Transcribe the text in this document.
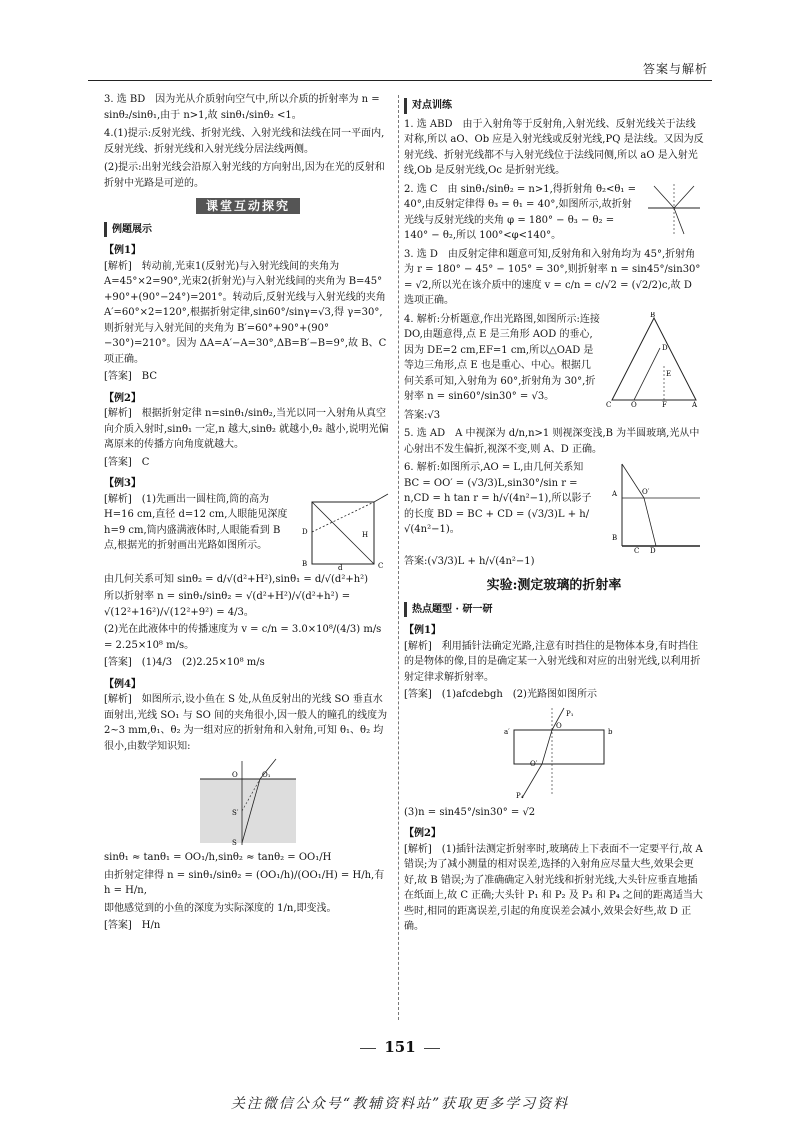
答案与解析

3. 选 BD　因为光从介质射向空气中,所以介质的折射率为 n = sinθ₂/sinθ₁,由于 n>1,故 sinθ₁/sinθ₂ <1。

4.(1)提示:反射光线、折射光线、入射光线和法线在同一平面内,反射光线、折射光线和入射光线分居法线两侧。

(2)提示:出射光线会沿原入射光线的方向射出,因为在光的反射和折射中光路是可逆的。

课堂互动探究
例题展示
【例1】

[解析]　转动前,光束1(反射光)与入射光线间的夹角为 A=45°×2=90°,光束2(折射光)与入射光线间的夹角为 B=45°+90°+(90°−24°)=201°。转动后,反射光线与入射光线的夹角 A′=60°×2=120°,根据折射定律,sin60°/sinγ=√3,得 γ=30°,则折射光与入射光间的夹角为 B′=60°+90°+(90°−30°)=210°。因为 ΔA=A′−A=30°,ΔB=B′−B=9°,故 B、C 项正确。

[答案]　BC

【例2】

[解析]　根据折射定律 n=sinθ₁/sinθ₂,当光以同一入射角从真空向介质入射时,sinθ₁ 一定,n 越大,sinθ₂ 就越小,θ₂ 越小,说明光偏离原来的传播方向角度就越大。

[答案]　C

【例3】

[解析]　(1)先画出一圆柱筒,筒的高为 H=16 cm,直径 d=12 cm,人眼能见深度 h=9 cm,筒内盛满液体时,人眼能看到 B 点,根据光的折射画出光路如图所示。

D
B	C
d
H

由几何关系可知 sinθ₂ = d/√(d²+H²),sinθ₁ = d/√(d²+h²)

所以折射率 n = sinθ₁/sinθ₂ = √(d²+H²)/√(d²+h²) = √(12²+16²)/√(12²+9²) = 4/3。

(2)光在此液体中的传播速度为 v = c/n = 3.0×10⁸/(4/3) m/s = 2.25×10⁸ m/s。

[答案]　(1)4/3　(2)2.25×10⁸ m/s

【例4】

[解析]　如图所示,设小鱼在 S 处,从鱼反射出的光线 SO 垂直水面射出,光线 SO₁ 与 SO 间的夹角很小,因一般人的瞳孔的线度为 2~3 mm,θ₁、θ₂ 为一组对应的折射角和入射角,可知 θ₁、θ₂ 均很小,由数学知识知:

O	O₁
S′
S

sinθ₁ ≈ tanθ₁ = OO₁/h,sinθ₂ ≈ tanθ₂ = OO₁/H

由折射定律得 n = sinθ₁/sinθ₂ = (OO₁/h)/(OO₁/H) = H/h,有 h = H/n,

即他感觉到的小鱼的深度为实际深度的 1/n,即变浅。

[答案]　H/n

对点训练

1. 选 ABD　由于入射角等于反射角,入射光线、反射光线关于法线对称,所以 aO、Ob 应是入射光线或反射光线,PQ 是法线。又因为反射光线、折射光线都不与入射光线位于法线同侧,所以 aO 是入射光线,Ob 是反射光线,Oc 是折射光线。

2. 选 C　由 sinθ₁/sinθ₂ = n>1,得折射角 θ₂<θ₁ = 40°,由反射定律得 θ₃ = θ₁ = 40°,如图所示,故折射光线与反射光线的夹角 φ = 180° − θ₃ − θ₂ = 140° − θ₂,所以 100°<φ<140°。

3. 选 D　由反射定律和题意可知,反射角和入射角均为 45°,折射角为 r = 180° − 45° − 105° = 30°,则折射率 n = sin45°/sin30° = √2,所以光在该介质中的速度 v = c/n = c/√2 = (√2/2)c,故 D 选项正确。

4. 解析:分析题意,作出光路图,如图所示:连接 DO,由题意得,点 E 是三角形 AOD 的垂心,因为 DE=2 cm,EF=1 cm,所以△OAD 是等边三角形,点 E 也是重心、中心。根据几何关系可知,入射角为 60°,折射角为 30°,折射率 n = sin60°/sin30° = √3。

B
D
E
C	O	F	A

答案:√3

5. 选 AD　A 中视深为 d/n,n>1 则视深变浅,B 为半圆玻璃,光从中心射出不发生偏折,视深不变,则 A、D 正确。

6. 解析:如图所示,AO = L,由几何关系知 BC = OO′ = (√3/3)L,sin30°/sin r = n,CD = h tan r = h/√(4n²−1),所以影子的长度 BD = BC + CD = (√3/3)L + h/√(4n²−1)。

A
B
O′
D
C

答案:(√3/3)L + h/√(4n²−1)

实验:测定玻璃的折射率
热点题型 · 研一研
【例1】

[解析]　利用插针法确定光路,注意有时挡住的是物体本身,有时挡住的是物体的像,目的是确定某一入射光线和对应的出射光线,以利用折射定律求解折射率。

[答案]　(1)afcdebgh　(2)光路图如图所示

P₁
O
O′
a′	b
P₄

(3)n = sin45°/sin30° = √2

【例2】

[解析]　(1)插针法测定折射率时,玻璃砖上下表面不一定要平行,故 A 错误;为了减小测量的相对误差,选择的入射角应尽量大些,效果会更好,故 B 错误;为了准确确定入射光线和折射光线,大头针应垂直地插在纸面上,故 C 正确;大头针 P₁ 和 P₂ 及 P₃ 和 P₄ 之间的距离适当大些时,相同的距离误差,引起的角度误差会减小,效果会好些,故 D 正确。

151
关注微信公众号“教辅资料站”获取更多学习资料
